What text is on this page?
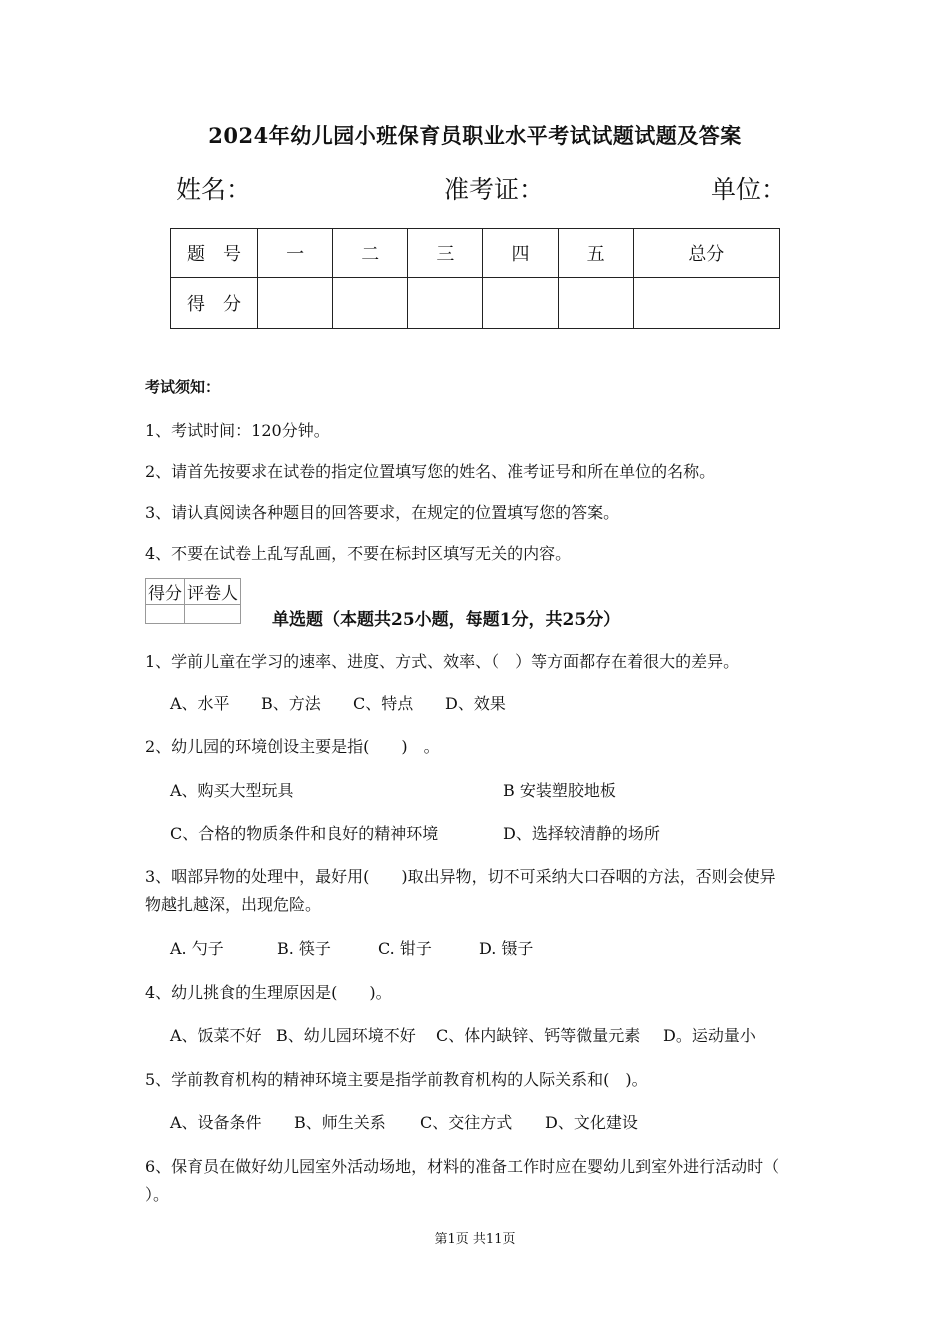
2024年幼儿园小班保育员职业水平考试试题试题及答案
姓名：	准考证：	单位：
题　号	一	二	三	四	五	总分
得　分						
考试须知：
1、考试时间：120分钟。
2、请首先按要求在试卷的指定位置填写您的姓名、准考证号和所在单位的名称。
3、请认真阅读各种题目的回答要求，在规定的位置填写您的答案。
4、不要在试卷上乱写乱画，不要在标封区填写无关的内容。
得分	评卷人

单选题（本题共25小题，每题1分，共25分）
1、学前儿童在学习的速率、进度、方式、效率、（　）等方面都存在着很大的差异。
A、水平 B、方法 C、特点 D、效果
2、幼儿园的环境创设主要是指(　　)　。
A、购买大型玩具	B 安装塑胶地板
C、合格的物质条件和良好的精神环境	D、选择较清静的场所
3、咽部异物的处理中，最好用(　　)取出异物，切不可采纳大口吞咽的方法，否则会使异
物越扎越深，出现危险。
A. 勺子	B. 筷子	C. 钳子	D. 镊子
4、幼儿挑食的生理原因是(　　)。
A、饭菜不好 B、幼儿园环境不好 C、体内缺锌、钙等微量元素 D。运动量小
5、学前教育机构的精神环境主要是指学前教育机构的人际关系和(　)。
A、设备条件 B、师生关系 C、交往方式 D、文化建设
6、保育员在做好幼儿园室外活动场地，材料的准备工作时应在婴幼儿到室外进行活动时（
）。
第1页 共11页
